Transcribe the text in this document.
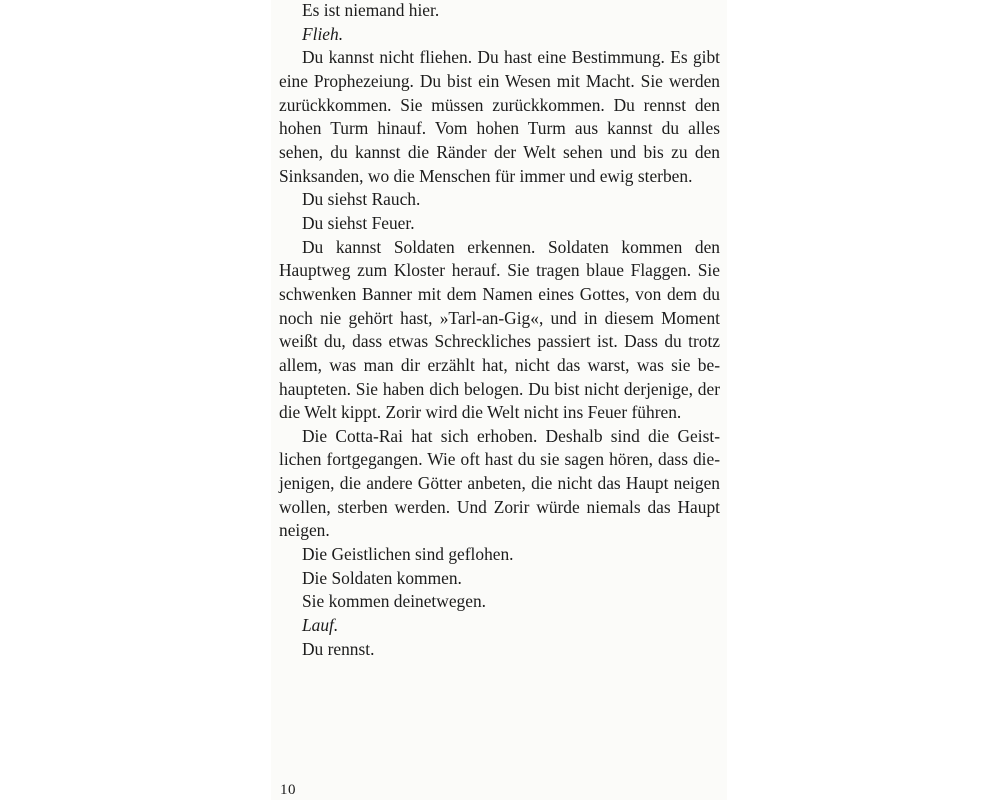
Es ist niemand hier.

Flieh.

Du kannst nicht fliehen. Du hast eine Bestimmung. Es gibt eine Prophezeiung. Du bist ein Wesen mit Macht. Sie werden zurückkommen. Sie müssen zurückkommen. Du rennst den hohen Turm hinauf. Vom hohen Turm aus kannst du alles sehen, du kannst die Ränder der Welt sehen und bis zu den Sinksanden, wo die Menschen für immer und ewig sterben.

Du siehst Rauch.

Du siehst Feuer.

Du kannst Soldaten erkennen. Soldaten kommen den Hauptweg zum Kloster herauf. Sie tragen blaue Flaggen. Sie schwenken Banner mit dem Namen eines Gottes, von dem du noch nie gehört hast, »Tarl-an-Gig«, und in diesem Moment weißt du, dass etwas Schreckliches passiert ist. Dass du trotz allem, was man dir erzählt hat, nicht das warst, was sie behaupteten. Sie haben dich belogen. Du bist nicht derjenige, der die Welt kippt. Zorir wird die Welt nicht ins Feuer führen.

Die Cotta-Rai hat sich erhoben. Deshalb sind die Geistlichen fortgegangen. Wie oft hast du sie sagen hören, dass diejenigen, die andere Götter anbeten, die nicht das Haupt neigen wollen, sterben werden. Und Zorir würde niemals das Haupt neigen.

Die Geistlichen sind geflohen.

Die Soldaten kommen.

Sie kommen deinetwegen.

Lauf.

Du rennst.

10
